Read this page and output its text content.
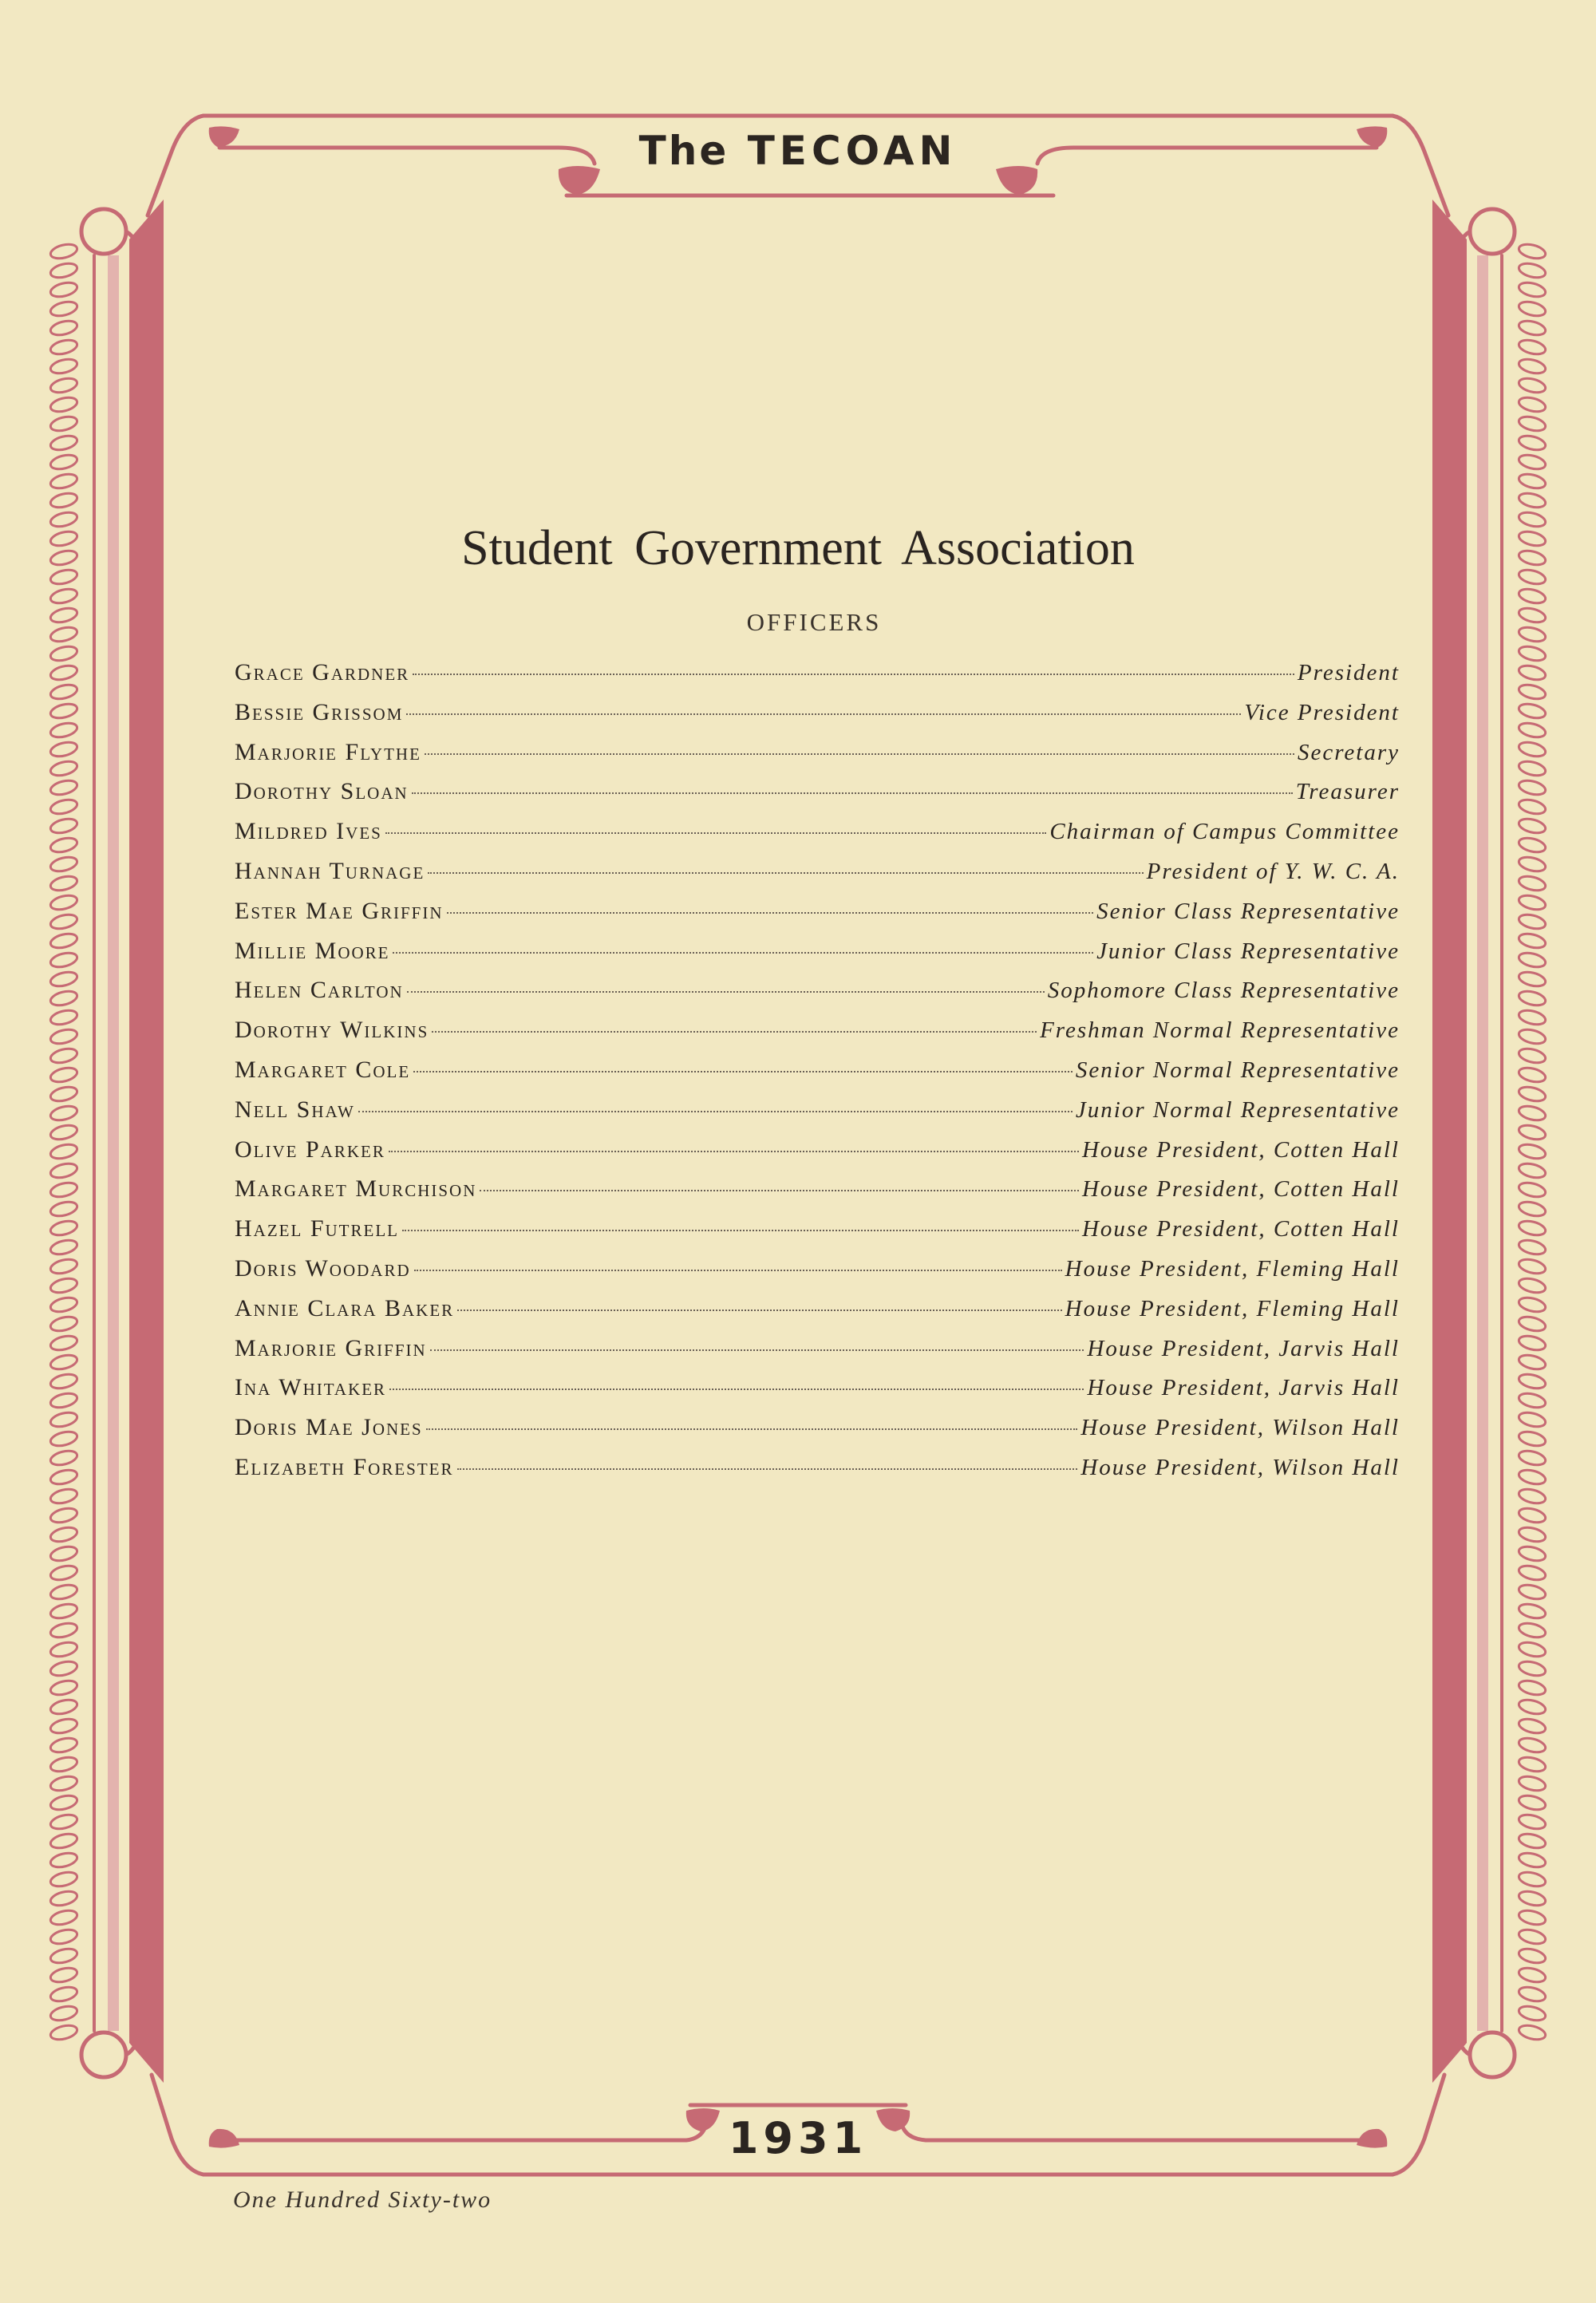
The TECOAN
Student Government Association
OFFICERS
Grace Gardner	President
Bessie Grissom	Vice President
Marjorie Flythe	Secretary
Dorothy Sloan	Treasurer
Mildred Ives	Chairman of Campus Committee
Hannah Turnage	President of Y. W. C. A.
Ester Mae Griffin	Senior Class Representative
Millie Moore	Junior Class Representative
Helen Carlton	Sophomore Class Representative
Dorothy Wilkins	Freshman Normal Representative
Margaret Cole	Senior Normal Representative
Nell Shaw	Junior Normal Representative
Olive Parker	House President, Cotten Hall
Margaret Murchison	House President, Cotten Hall
Hazel Futrell	House President, Cotten Hall
Doris Woodard	House President, Fleming Hall
Annie Clara Baker	House President, Fleming Hall
Marjorie Griffin	House President, Jarvis Hall
Ina Whitaker	House President, Jarvis Hall
Doris Mae Jones	House President, Wilson Hall
Elizabeth Forester	House President, Wilson Hall
1931
One Hundred Sixty-two
